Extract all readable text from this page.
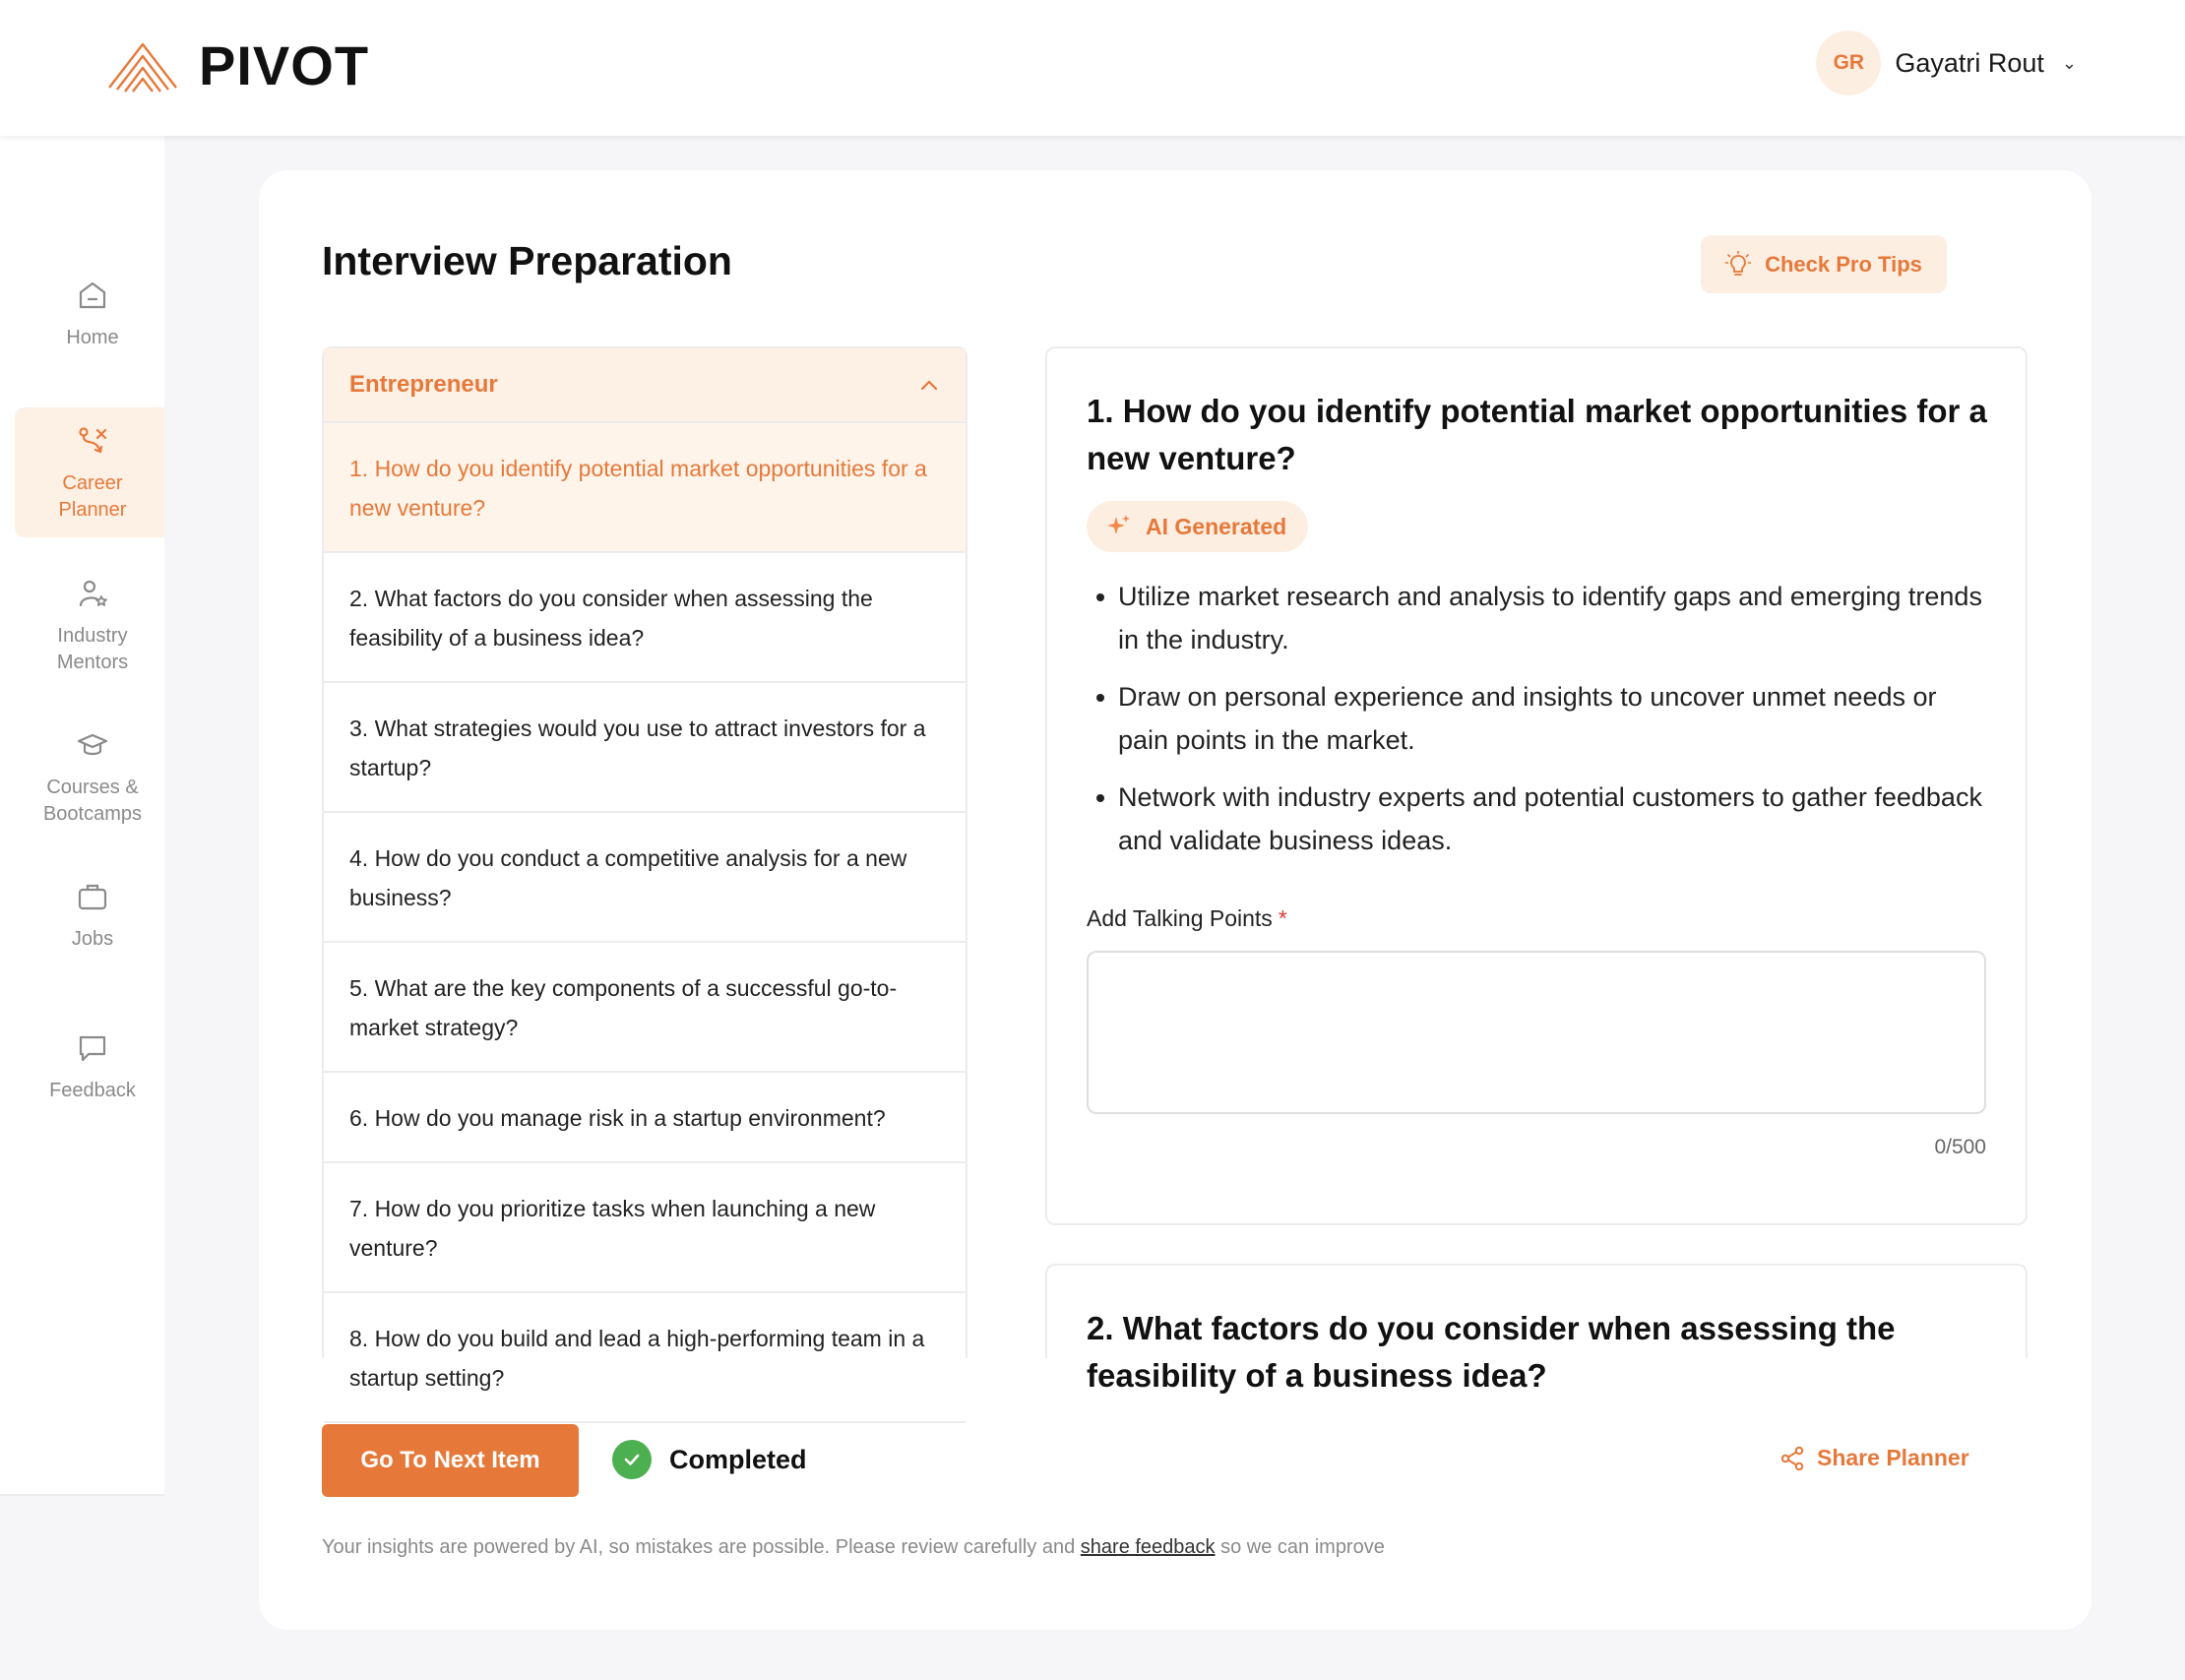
PIVOT	GR	Gayatri Rout ⌄
Home
Career Planner
Industry Mentors
Courses & Bootcamps
Jobs
Feedback
Interview Preparation	Check Pro Tips
Entrepreneur
1. How do you identify potential market opportunities for a new venture?
2. What factors do you consider when assessing the feasibility of a business idea?
3. What strategies would you use to attract investors for a startup?
4. How do you conduct a competitive analysis for a new business?
5. What are the key components of a successful go-to-market strategy?
6. How do you manage risk in a startup environment?
7. How do you prioritize tasks when launching a new venture?
8. How do you build and lead a high-performing team in a startup setting?
1. How do you identify potential market opportunities for a new venture?
AI Generated
Utilize market research and analysis to identify gaps and emerging trends in the industry.
Draw on personal experience and insights to uncover unmet needs or pain points in the market.
Network with industry experts and potential customers to gather feedback and validate business ideas.
Add Talking Points *
0/500
2. What factors do you consider when assessing the feasibility of a business idea?
Go To Next Item	Completed	Share Planner

Your insights are powered by AI, so mistakes are possible. Please review carefully and share feedback so we can improve
